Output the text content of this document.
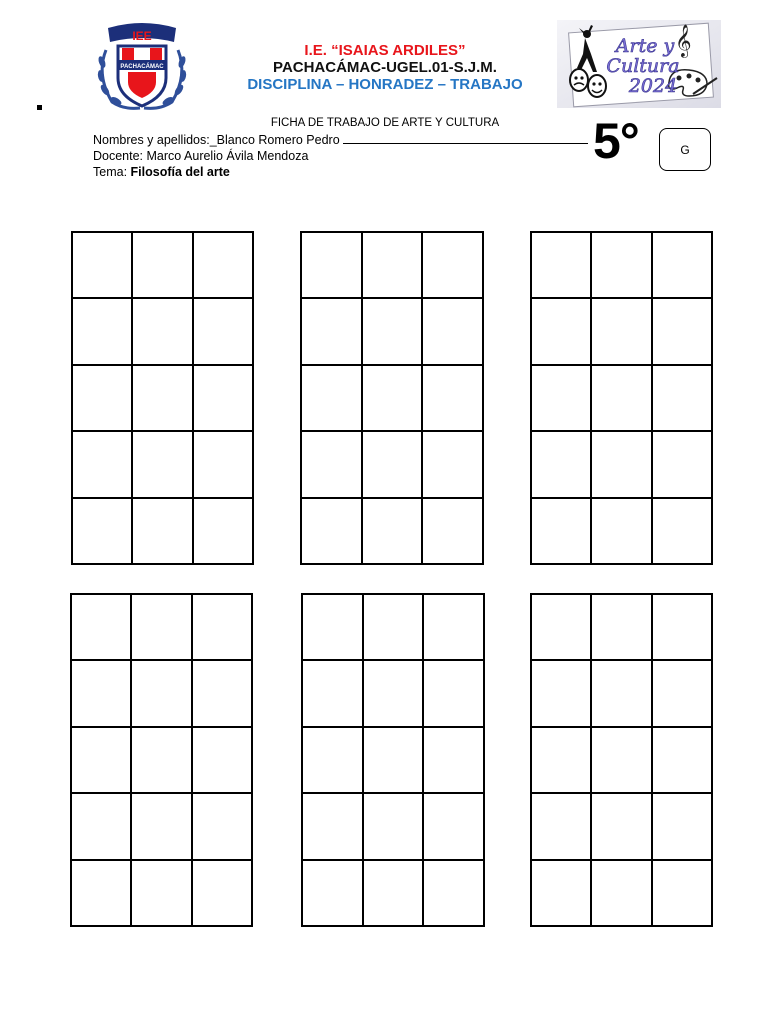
IEE
PACHACÁMAC
I.E. “ISAIAS ARDILES”
PACHACÁMAC-UGEL.01-S.J.M.
DISCIPLINA – HONRADEZ – TRABAJO
𝄞
Arte y
Cultura
2024
FICHA DE TRABAJO DE ARTE Y CULTURA
Nombres y apellidos:_Blanco Romero Pedro
Docente: Marco Aurelio Ávila Mendoza
Tema: Filosofía del arte
5°	G
